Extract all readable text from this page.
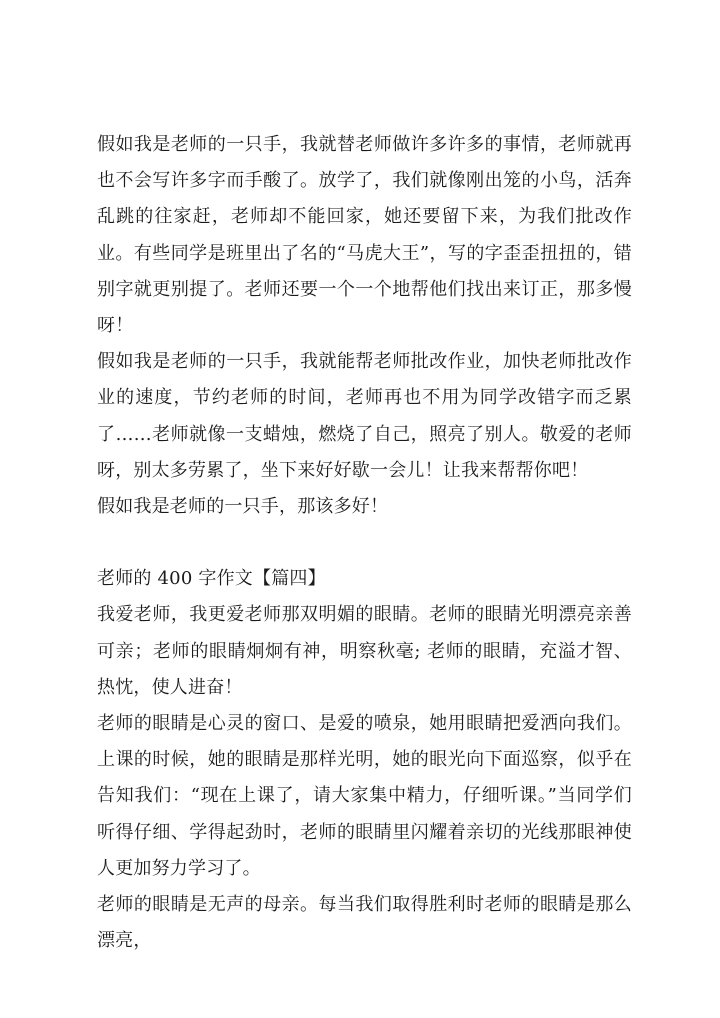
假如我是老师的一只手，我就替老师做许多许多的事情，老师就再也不会写许多字而手酸了。放学了，我们就像刚出笼的小鸟，活奔乱跳的往家赶，老师却不能回家，她还要留下来，为我们批改作业。有些同学是班里出了名的“马虎大王”，写的字歪歪扭扭的，错别字就更别提了。老师还要一个一个地帮他们找出来订正，那多慢呀！

假如我是老师的一只手，我就能帮老师批改作业，加快老师批改作业的速度，节约老师的时间，老师再也不用为同学改错字而乏累了……老师就像一支蜡烛，燃烧了自己，照亮了别人。敬爱的老师呀，别太多劳累了，坐下来好好歇一会儿！让我来帮帮你吧！

假如我是老师的一只手，那该多好！

老师的 400 字作文【篇四】

我爱老师，我更爱老师那双明媚的眼睛。老师的眼睛光明漂亮亲善可亲；老师的眼睛炯炯有神，明察秋毫; 老师的眼睛，充溢才智、热忱，使人进奋！

老师的眼睛是心灵的窗口、是爱的喷泉，她用眼睛把爱洒向我们。上课的时候，她的眼睛是那样光明，她的眼光向下面巡察，似乎在告知我们：“现在上课了，请大家集中精力，仔细听课。”当同学们听得仔细、学得起劲时，老师的眼睛里闪耀着亲切的光线那眼神使人更加努力学习了。

老师的眼睛是无声的母亲。每当我们取得胜利时老师的眼睛是那么漂亮，
